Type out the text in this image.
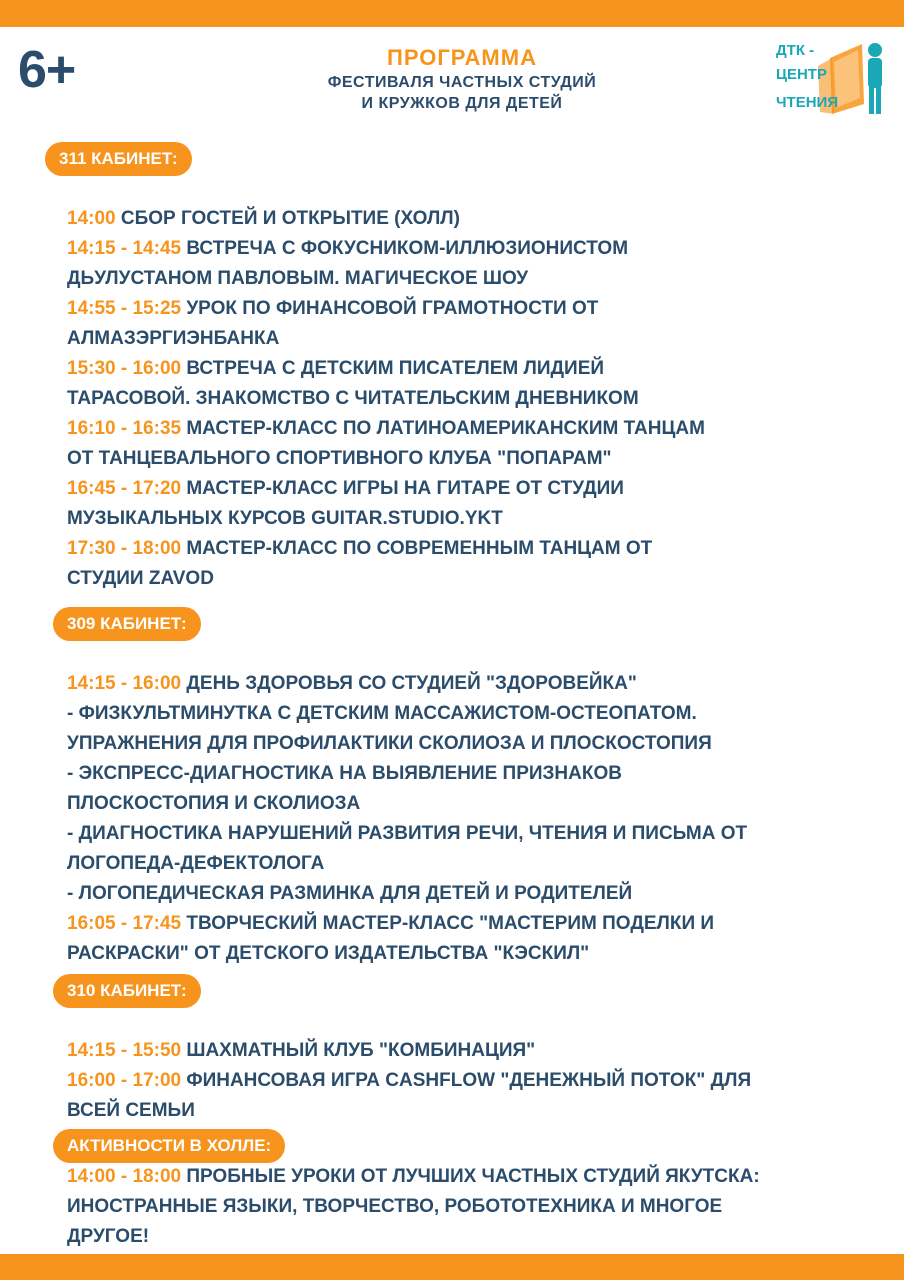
6+	ПРОГРАММА
ФЕСТИВАЛЯ ЧАСТНЫХ СТУДИЙ
И КРУЖКОВ ДЛЯ ДЕТЕЙ
ДТК -
ЦЕНТР
ЧТЕНИЯ
311 КАБИНЕТ:
14:00 СБОР ГОСТЕЙ И ОТКРЫТИЕ (ХОЛЛ)
14:15 - 14:45 ВСТРЕЧА С ФОКУСНИКОМ-ИЛЛЮЗИОНИСТОМ
ДЬУЛУСТАНОМ ПАВЛОВЫМ. МАГИЧЕСКОЕ ШОУ
14:55 - 15:25 УРОК ПО ФИНАНСОВОЙ ГРАМОТНОСТИ ОТ
АЛМАЗЭРГИЭНБАНКА
15:30 - 16:00 ВСТРЕЧА С ДЕТСКИМ ПИСАТЕЛЕМ ЛИДИЕЙ
ТАРАСОВОЙ. ЗНАКОМСТВО С ЧИТАТЕЛЬСКИМ ДНЕВНИКОМ
16:10 - 16:35 МАСТЕР-КЛАСС ПО ЛАТИНОАМЕРИКАНСКИМ ТАНЦАМ
ОТ ТАНЦЕВАЛЬНОГО СПОРТИВНОГО КЛУБА "ПОПАРАМ"
16:45 - 17:20 МАСТЕР-КЛАСС ИГРЫ НА ГИТАРЕ ОТ СТУДИИ
МУЗЫКАЛЬНЫХ КУРСОВ GUITAR.STUDIO.YKT
17:30 - 18:00 МАСТЕР-КЛАСС ПО СОВРЕМЕННЫМ ТАНЦАМ ОТ
СТУДИИ ZAVOD
309 КАБИНЕТ:
14:15 - 16:00 ДЕНЬ ЗДОРОВЬЯ СО СТУДИЕЙ "ЗДОРОВЕЙКА"
- ФИЗКУЛЬТМИНУТКА С ДЕТСКИМ МАССАЖИСТОМ-ОСТЕОПАТОМ.
УПРАЖНЕНИЯ ДЛЯ ПРОФИЛАКТИКИ СКОЛИОЗА И ПЛОСКОСТОПИЯ
- ЭКСПРЕСС-ДИАГНОСТИКА НА ВЫЯВЛЕНИЕ ПРИЗНАКОВ
ПЛОСКОСТОПИЯ И СКОЛИОЗА
- ДИАГНОСТИКА НАРУШЕНИЙ РАЗВИТИЯ РЕЧИ, ЧТЕНИЯ И ПИСЬМА ОТ
ЛОГОПЕДА-ДЕФЕКТОЛОГА
- ЛОГОПЕДИЧЕСКАЯ РАЗМИНКА ДЛЯ ДЕТЕЙ И РОДИТЕЛЕЙ
16:05 - 17:45 ТВОРЧЕСКИЙ МАСТЕР-КЛАСС "МАСТЕРИМ ПОДЕЛКИ И
РАСКРАСКИ" ОТ ДЕТСКОГО ИЗДАТЕЛЬСТВА "КЭСКИЛ"
310 КАБИНЕТ:
14:15 - 15:50 ШАХМАТНЫЙ КЛУБ "КОМБИНАЦИЯ"
16:00 - 17:00 ФИНАНСОВАЯ ИГРА CASHFLOW "ДЕНЕЖНЫЙ ПОТОК" ДЛЯ
ВСЕЙ СЕМЬИ
АКТИВНОСТИ В ХОЛЛЕ:
14:00 - 18:00 ПРОБНЫЕ УРОКИ ОТ ЛУЧШИХ ЧАСТНЫХ СТУДИЙ ЯКУТСКА:
ИНОСТРАННЫЕ ЯЗЫКИ, ТВОРЧЕСТВО, РОБОТОТЕХНИКА И МНОГОЕ
ДРУГОЕ!
